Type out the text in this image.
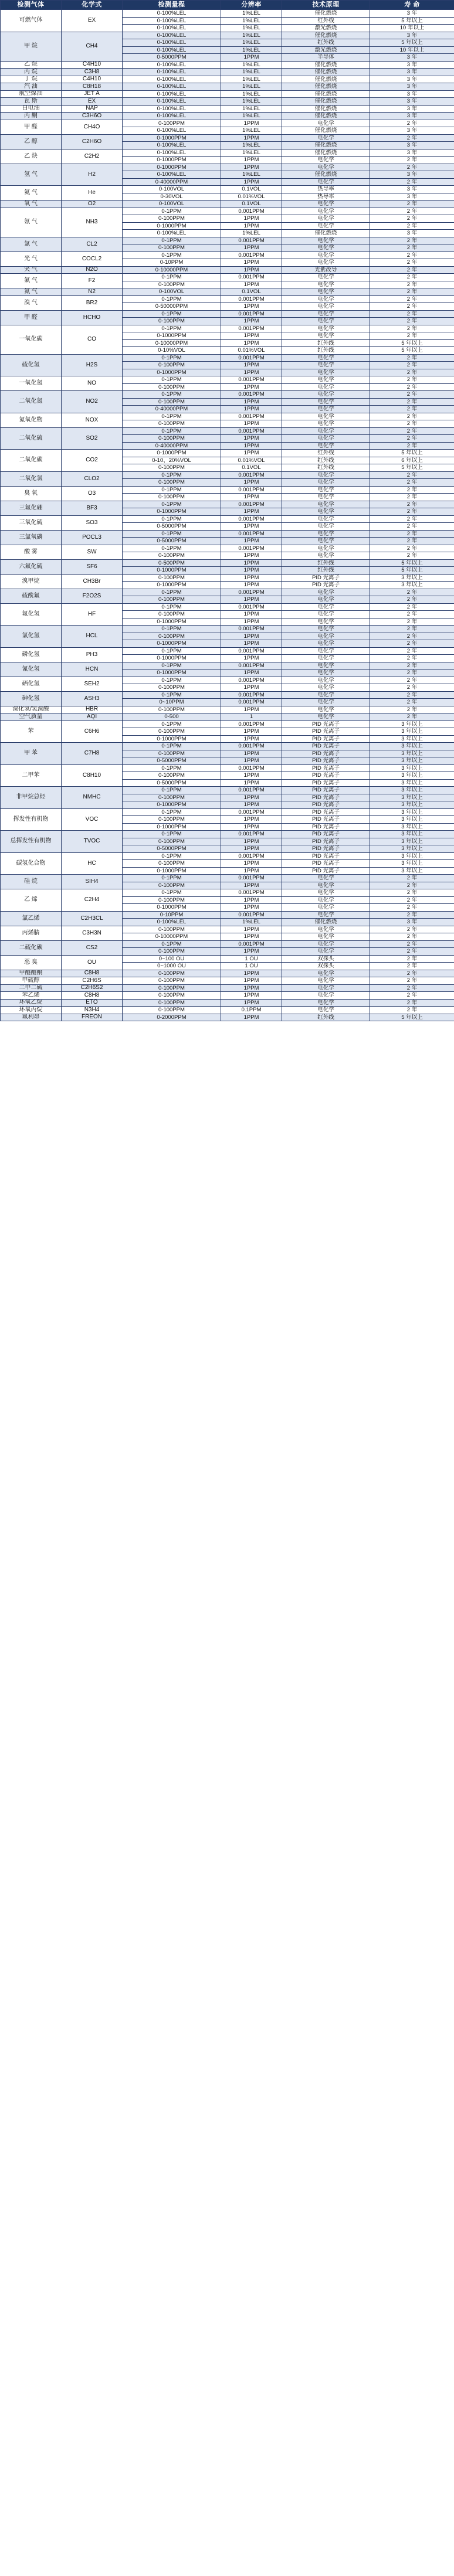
检测气体	化学式	检测量程	分辨率	技术原理	寿 命
可燃气体	EX	0-100%LEL	1%LEL	催化燃烧	3 年
		0-100%LEL	1%LEL	红外线	5 年以上
		0-100%LEL	1%LEL	激光燃烧	10 年以上
甲 烷	CH4	0-100%LEL	1%LEL	催化燃烧	3 年
		0-100%LEL	1%LEL	红外线	5 年以上
		0-100%LEL	1%LEL	激光燃烧	10 年以上
		0-5000PPM	1PPM	半导体	3 年
乙 烷	C4H10	0-100%LEL	1%LEL	催化燃烧	3 年
丙 烷	C3H8	0-100%LEL	1%LEL	催化燃烧	3 年
丁 烷	C4H10	0-100%LEL	1%LEL	催化燃烧	3 年
汽 油	C8H18	0-100%LEL	1%LEL	催化燃烧	3 年
航空煤油	JET A	0-100%LEL	1%LEL	催化燃烧	3 年
瓦 斯	EX	0-100%LEL	1%LEL	催化燃烧	3 年
白电油	NAP	0-100%LEL	1%LEL	催化燃烧	3 年
丙 酮	C3H6O	0-100%LEL	1%LEL	催化燃烧	3 年
甲 醛	CH4O	0-100PPM	1PPM	电化学	2 年
		0-100%LEL	1%LEL	催化燃烧	3 年
乙 醇	C2H6O	0-1000PPM	1PPM	电化学	2 年
		0-100%LEL	1%LEL	催化燃烧	3 年
乙 炔	C2H2	0-100%LEL	1%LEL	催化燃烧	3 年
		0-1000PPM	1PPM	电化学	2 年
氢 气	H2	0-1000PPM	1PPM	电化学	2 年
		0-100%LEL	1%LEL	催化燃烧	3 年
		0-40000PPM	1PPM	电化学	2 年
氦 气	He	0-100VOL	0.1VOL	热导率	3 年
		0-30VOL	0.01%VOL	热导率	3 年
氧 气	O2	0-100VOL	0.1VOL	电化学	2 年
氨 气	NH3	0-1PPM	0.001PPM	电化学	2 年
		0-100PPM	1PPM	电化学	2 年
		0-1000PPM	1PPM	电化学	2 年
		0-100%LEL	1%LEL	催化燃烧	3 年
氯 气	CL2	0-1PPM	0.001PPM	电化学	2 年
		0-100PPM	1PPM	电化学	2 年
光 气	COCL2	0-1PPM	0.001PPM	电化学	2 年
		0-10PPM	1PPM	电化学	2 年
笑 气	N2O	0-10000PPM	1PPM	光紫改导	2 年
氟 气	F2	0-1PPM	0.001PPM	电化学	2 年
		0-100PPM	1PPM	电化学	2 年
氮 气	N2	0-100VOL	0.1VOL	电化学	2 年
溴 气	BR2	0-1PPM	0.001PPM	电化学	2 年
		0-50000PPM	1PPM	电化学	2 年
甲 醛	HCHO	0-1PPM	0.001PPM	电化学	2 年
		0-100PPM	1PPM	电化学	2 年
一氧化碳	CO	0-1PPM	0.001PPM	电化学	2 年
		0-1000PPM	1PPM	电化学	2 年
		0-10000PPM	1PPM	红外线	5 年以上
		0-10%VOL	0.01%VOL	红外线	5 年以上
硫化氢	H2S	0-1PPM	0.001PPM	电化学	2 年
		0-100PPM	1PPM	电化学	2 年
		0-1000PPM	1PPM	电化学	2 年
一氧化氮	NO	0-1PPM	0.001PPM	电化学	2 年
		0-100PPM	1PPM	电化学	2 年
二氧化氮	NO2	0-1PPM	0.001PPM	电化学	2 年
		0-100PPM	1PPM	电化学	2 年
		0-40000PPM	1PPM	电化学	2 年
氮氧化物	NOX	0-1PPM	0.001PPM	电化学	2 年
		0-100PPM	1PPM	电化学	2 年
二氧化硫	SO2	0-1PPM	0.001PPM	电化学	2 年
		0-100PPM	1PPM	电化学	2 年
		0-40000PPM	1PPM	电化学	2 年
二氧化碳	CO2	0-1000PPM	1PPM	红外线	5 年以上
		0-10、20%VOL	0.01%VOL	红外线	6 年以上
		0-100PPM	0.1VOL	红外线	5 年以上
二氧化氯	CLO2	0-1PPM	0.001PPM	电化学	2 年
		0-100PPM	1PPM	电化学	2 年
臭 氧	O3	0-1PPM	0.001PPM	电化学	2 年
		0-100PPM	1PPM	电化学	2 年
三氟化硼	BF3	0-1PPM	0.001PPM	电化学	2 年
		0-1000PPM	1PPM	电化学	2 年
三氧化硫	SO3	0-1PPM	0.001PPM	电化学	2 年
		0-5000PPM	1PPM	电化学	2 年
三氯氧磷	POCL3	0-1PPM	0.001PPM	电化学	2 年
		0-5000PPM	1PPM	电化学	2 年
酸 雾	SW	0-1PPM	0.001PPM	电化学	2 年
		0-100PPM	1PPM	电化学	2 年
六氟化硫	SF6	0-500PPM	1PPM	红外线	5 年以上
		0-1000PPM	1PPM	红外线	5 年以上
溴甲烷	CH3Br	0-100PPM	1PPM	PID 光离子	3 年以上
		0-1000PPM	1PPM	PID 光离子	3 年以上
硫酰氟	F2O2S	0-1PPM	0.001PPM	电化学	2 年
		0-100PPM	1PPM	电化学	2 年
氟化氢	HF	0-1PPM	0.001PPM	电化学	2 年
		0-100PPM	1PPM	电化学	2 年
		0-1000PPM	1PPM	电化学	2 年
氯化氢	HCL	0-1PPM	0.001PPM	电化学	2 年
		0-100PPM	1PPM	电化学	2 年
		0-1000PPM	1PPM	电化学	2 年
磷化氢	PH3	0-1PPM	0.001PPM	电化学	2 年
		0-1000PPM	1PPM	电化学	2 年
氰化氢	HCN	0-1PPM	0.001PPM	电化学	2 年
		0-1000PPM	1PPM	电化学	2 年
硒化氢	SEH2	0-1PPM	0.001PPM	电化学	2 年
		0-100PPM	1PPM	电化学	2 年
砷化氢	ASH3	0-1PPM	0.001PPM	电化学	2 年
		0~10PPM	0.001PPM	电化学	2 年
溴化氢/氢溴酸	HBR	0-100PPM	1PPM	电化学	2 年
空气质量	AQI	0-500	1	电化学	2 年
苯	C6H6	0-1PPM	0.001PPM	PID 光离子	3 年以上
		0-100PPM	1PPM	PID 光离子	3 年以上
		0-1000PPM	1PPM	PID 光离子	3 年以上
甲 苯	C7H8	0-1PPM	0.001PPM	PID 光离子	3 年以上
		0-100PPM	1PPM	PID 光离子	3 年以上
		0-5000PPM	1PPM	PID 光离子	3 年以上
二甲苯	C8H10	0-1PPM	0.001PPM	PID 光离子	3 年以上
		0-100PPM	1PPM	PID 光离子	3 年以上
		0-5000PPM	1PPM	PID 光离子	3 年以上
非甲烷总烃	NMHC	0-1PPM	0.001PPM	PID 光离子	3 年以上
		0-100PPM	1PPM	PID 光离子	3 年以上
		0-1000PPM	1PPM	PID 光离子	3 年以上
挥发性有机物	VOC	0-1PPM	0.001PPM	PID 光离子	3 年以上
		0-100PPM	1PPM	PID 光离子	3 年以上
		0-1000PPM	1PPM	PID 光离子	3 年以上
总挥发性有机物	TVOC	0-1PPM	0.001PPM	PID 光离子	3 年以上
		0-100PPM	1PPM	PID 光离子	3 年以上
		0-5000PPM	1PPM	PID 光离子	3 年以上
碳氢化合物	HC	0-1PPM	0.001PPM	PID 光离子	3 年以上
		0-100PPM	1PPM	PID 光离子	3 年以上
		0-1000PPM	1PPM	PID 光离子	3 年以上
硅 烷	SIH4	0-1PPM	0.001PPM	电化学	2 年
		0-100PPM	1PPM	电化学	2 年
乙 烯	C2H4	0-1PPM	0.001PPM	电化学	2 年
		0-100PPM	1PPM	电化学	2 年
		0-1000PPM	1PPM	电化学	2 年
氯乙烯	C2H3CL	0-10PPM	0.001PPM	电化学	2 年
		0-100%LEL	1%LEL	催化燃烧	3 年
丙烯腈	C3H3N	0-100PPM	1PPM	电化学	2 年
		0-10000PPM	1PPM	电化学	2 年
二硫化碳	CS2	0-1PPM	0.001PPM	电化学	2 年
		0-100PPM	1PPM	电化学	2 年
恶 臭	OU	0~100 OU	1 OU	双探头	2 年
		0~1000 OU	1 OU	双探头	2 年
甲醚醚酮	C8H8	0-100PPM	1PPM	电化学	2 年
甲硫醇	C2H6S	0-100PPM	1PPM	电化学	2 年
二甲二硫	C2H6S2	0-100PPM	1PPM	电化学	2 年
苯乙烯	C8H8	0-100PPM	1PPM	电化学	2 年
环氧乙烷	ETO	0-100PPM	1PPM	电化学	2 年
环氧丙烷	N3H4	0-100PPM	0.1PPM	电化学	2 年
氟利昂	FREON	0-2000PPM	1PPM	红外线	5 年以上
